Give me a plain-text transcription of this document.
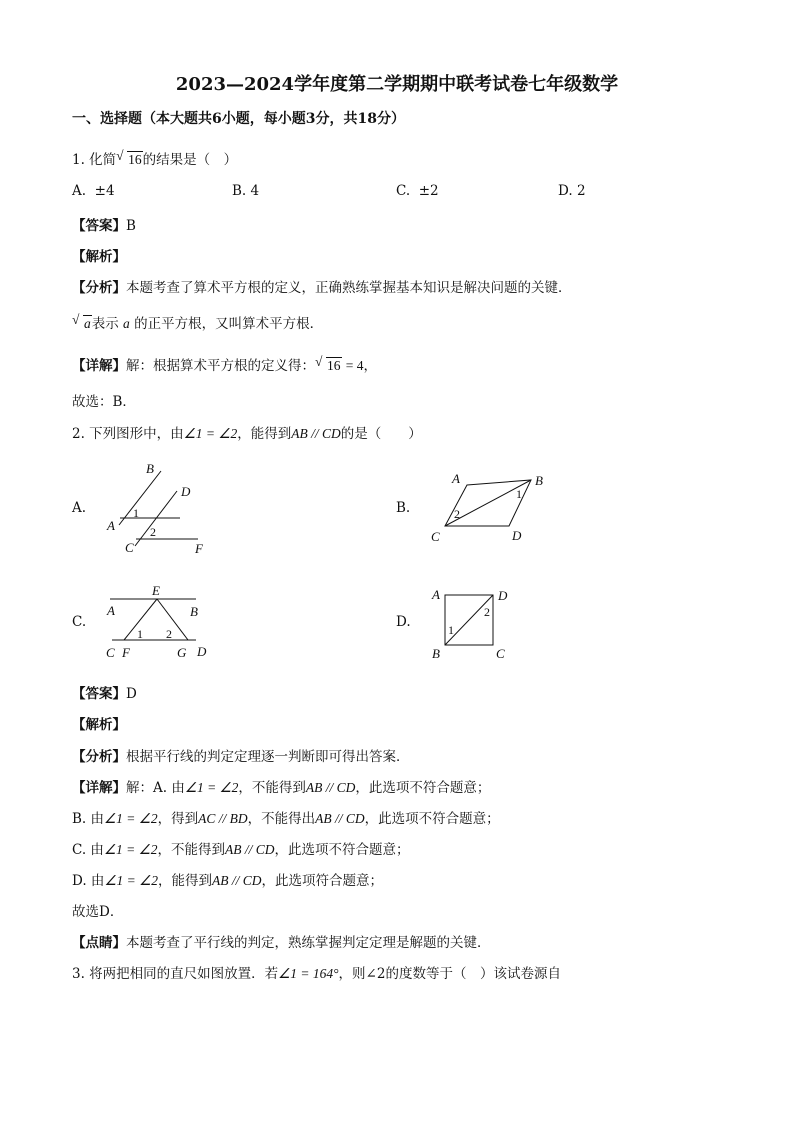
2023—2024学年度第二学期期中联考试卷七年级数学
一、选择题（本大题共6小题，每小题3分，共18分）
1. 化简 √ 16的结果是（　）
A. ±4	B. 4	C. ±2	D. 2
【答案】B
【解析】
【分析】本题考查了算术平方根的定义，正确熟练掌握基本知识是解决问题的关键．
√ a表示 a 的正平方根，又叫算术平方根．
【详解】解：根据算术平方根的定义得： √ 16 = 4，
故选：B．
2. 下列图形中，由∠1 = ∠2，能得到AB // CD的是（　　）
A.
B
D
A
C	F
1
2
B.
A	B
C	D
1
2
C.
E
A	B
C F	G D
1 2
D.
A	D
B	C
1
2
【答案】D
【解析】
【分析】根据平行线的判定定理逐一判断即可得出答案．
【详解】解：A. 由∠1 = ∠2，不能得到AB // CD，此选项不符合题意；
B. 由∠1 = ∠2，得到AC // BD，不能得出AB // CD，此选项不符合题意；
C. 由∠1 = ∠2，不能得到AB // CD，此选项不符合题意；
D. 由∠1 = ∠2，能得到AB // CD，此选项符合题意；
故选D．
【点睛】本题考查了平行线的判定，熟练掌握判定定理是解题的关键．
3. 将两把相同的直尺如图放置．若∠1 = 164°，则∠2的度数等于（　）该试卷源自
